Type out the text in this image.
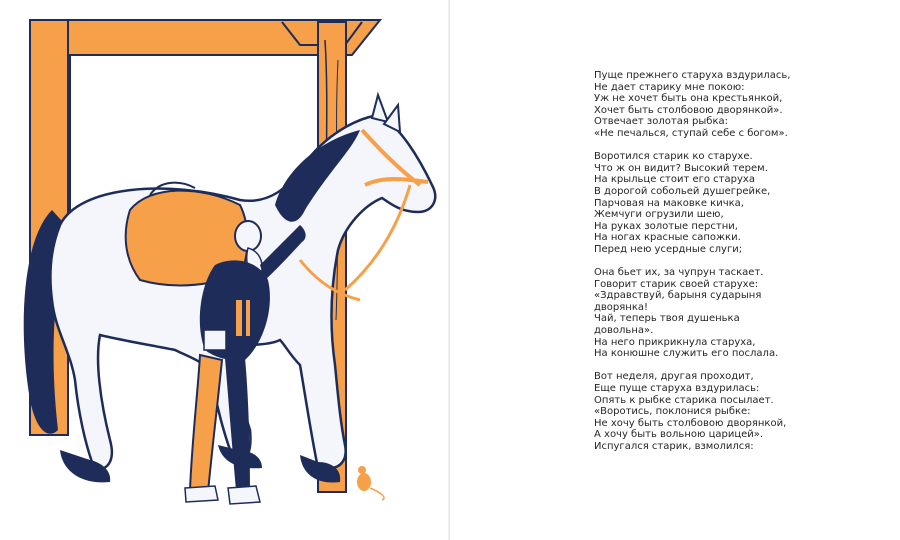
Пуще прежнего старуха вздурилась,
Не дает старику мне покою:
Уж не хочет быть она крестьянкой,
Хочет быть столбовою дворянкой».
Отвечает золотая рыбка:
«Не печалься, ступай себе с богом».
Воротился старик ко старухе.
Что ж он видит? Высокий терем.
На крыльце стоит его старуха
В дорогой собольей душегрейке,
Парчовая на маковке кичка,
Жемчуги огрузили шею,
На руках золотые перстни,
На ногах красные сапожки.
Перед нею усердные слуги;
Она бьет их, за чупрун таскает.
Говорит старик своей старухе:
«Здравствуй, барыня сударыня
дворянка!
Чай, теперь твоя душенька
довольна».
На него прикрикнула старуха,
На конюшне служить его послала.
Вот неделя, другая проходит,
Еще пуще старуха вздурилась:
Опять к рыбке старика посылает.
«Воротись, поклонися рыбке:
Не хочу быть столбовою дворянкой,
А хочу быть вольною царицей».
Испугался старик, взмолился:
